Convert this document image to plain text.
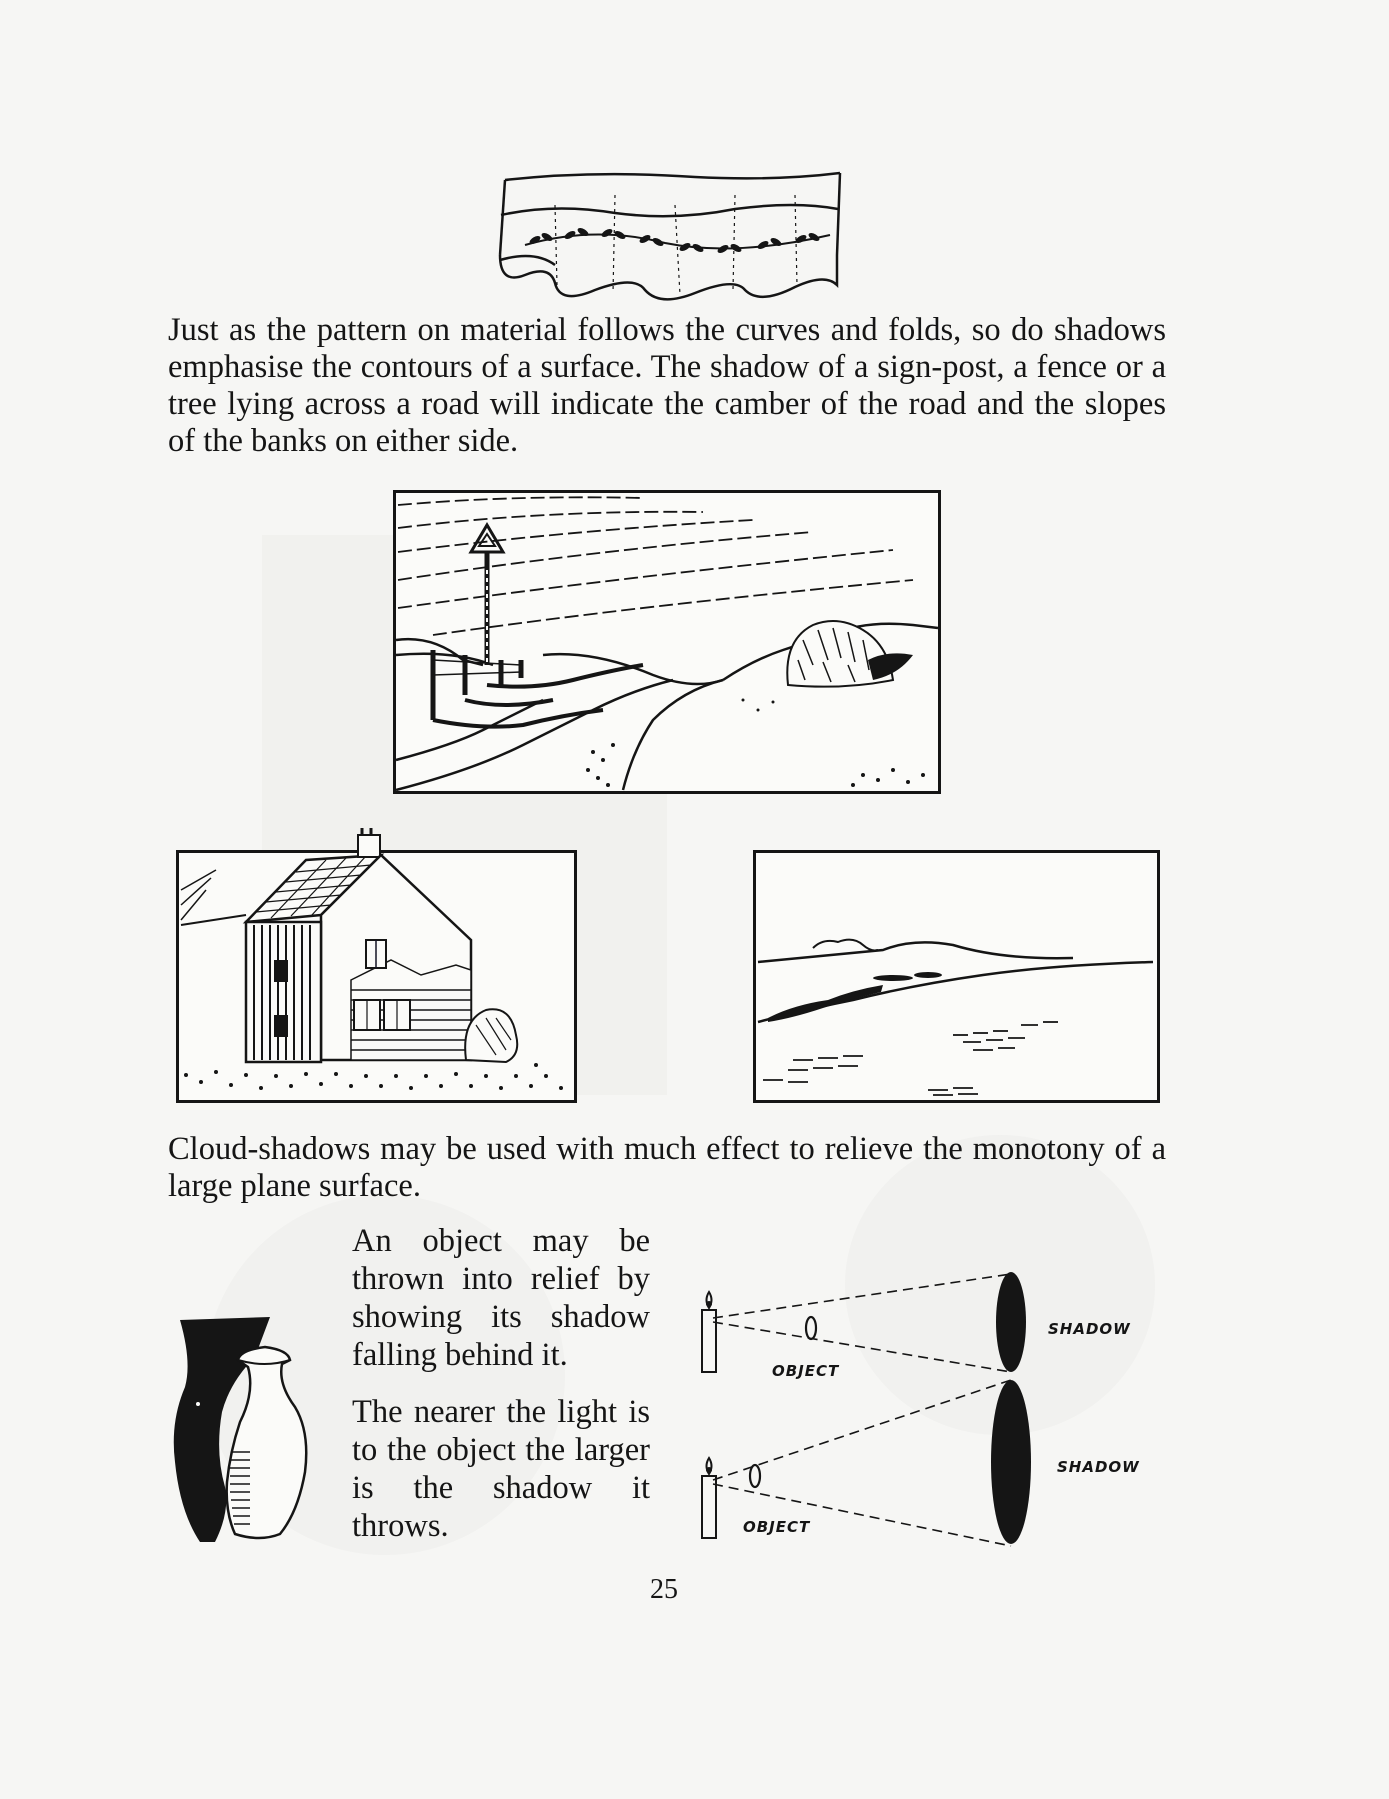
Just as the pattern on material follows the curves and folds, so do shadows emphasise the contours of a surface. The shadow of a sign-post, a fence or a tree lying across a road will indicate the camber of the road and the slopes of the banks on either side.

Cloud-shadows may be used with much effect to relieve the monotony of a large plane surface.

An object may be thrown into relief by showing its shadow falling behind it.

The nearer the light is to the object the larger is the shadow it throws.

SHADOW
OBJECT
SHADOW
OBJECT
25
